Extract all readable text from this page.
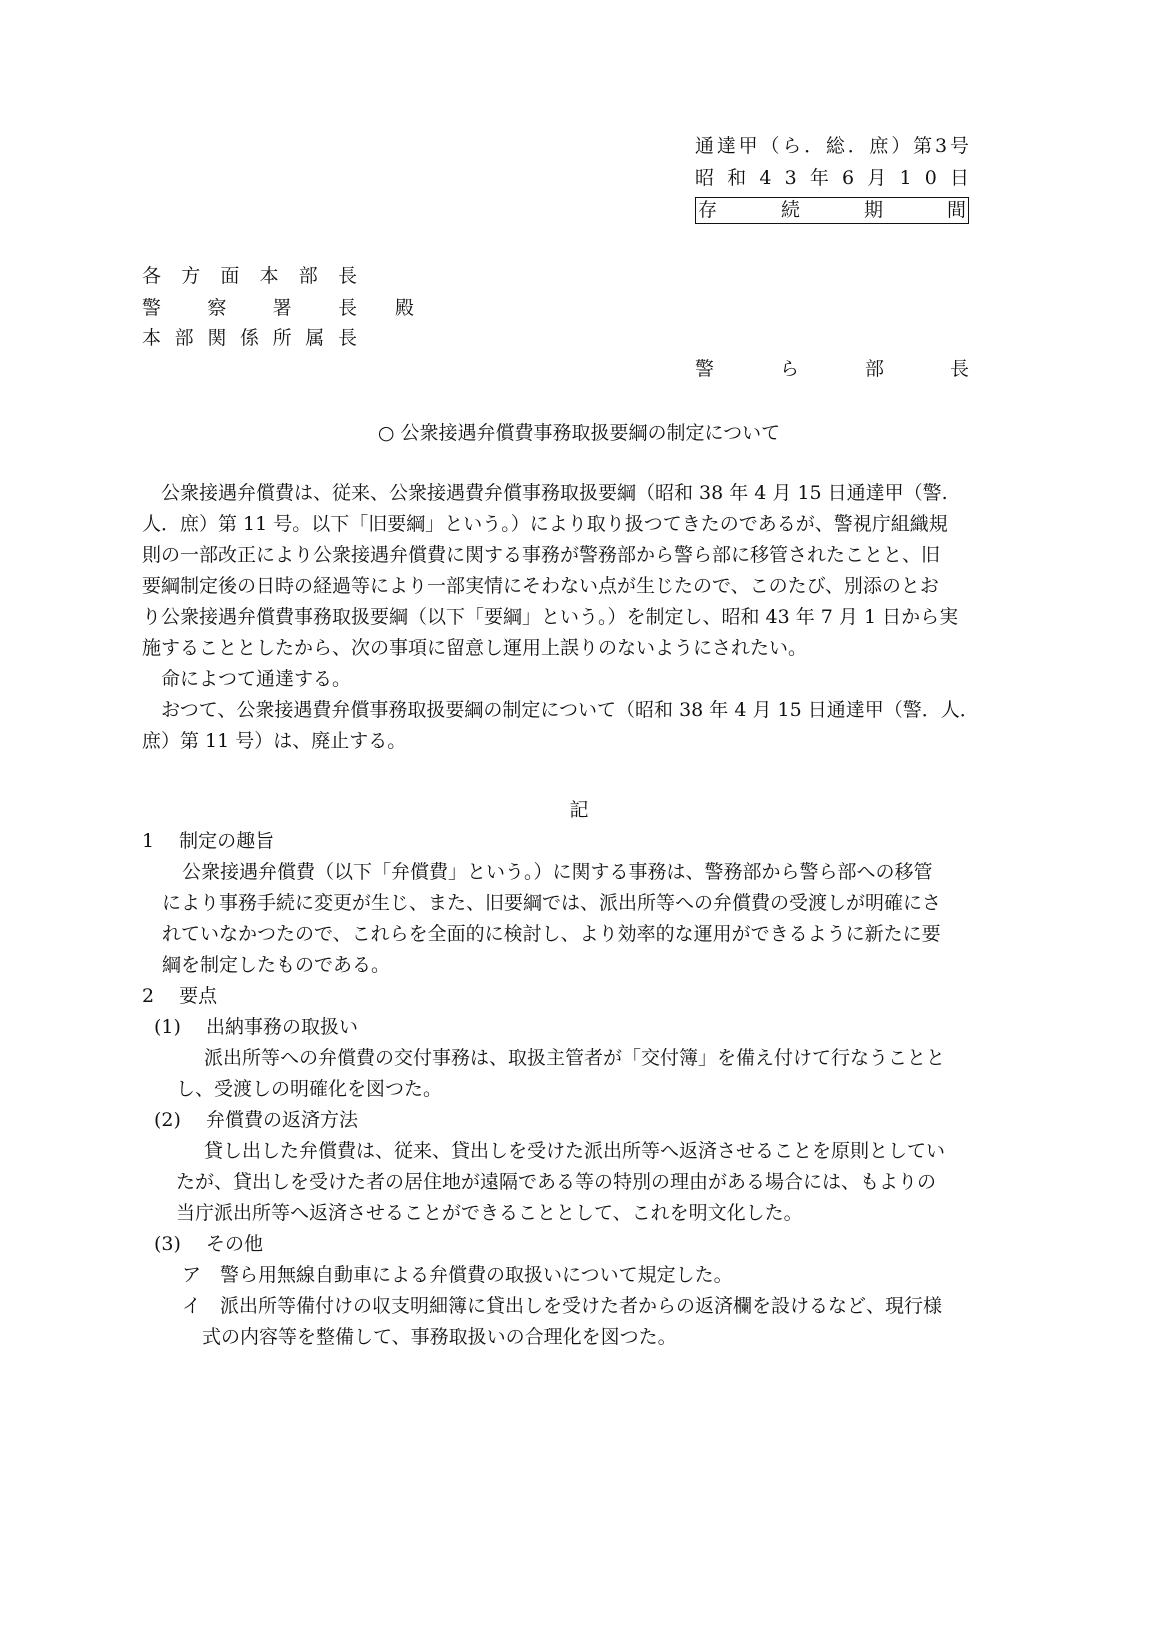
通 達 甲 （ ら ． 総 ． 庶 ） 第 3 号
昭 和 4 3 年 6 月 1 0 日
存	続	期	間
各 方 面 本 部 長
警 察 署 長 殿
本 部 関 係 所 属 長
警	ら	部	長
○ 公衆接遇弁償費事務取扱要綱の制定について
　公衆接遇弁償費は、従来、公衆接遇費弁償事務取扱要綱（昭和 38 年 4 月 15 日通達甲（警.
人．庶）第 11 号。以下「旧要綱」という。）により取り扱つてきたのであるが、警視庁組織規
則の一部改正により公衆接遇弁償費に関する事務が警務部から警ら部に移管されたことと、旧
要綱制定後の日時の経過等により一部実情にそわない点が生じたので、このたび、別添のとお
り公衆接遇弁償費事務取扱要綱（以下「要綱」という。）を制定し、昭和 43 年 7 月 1 日から実
施することとしたから、次の事項に留意し運用上誤りのないようにされたい。
　命によつて通達する。
　おつて、公衆接遇費弁償事務取扱要綱の制定について（昭和 38 年 4 月 15 日通達甲（警．人．
庶）第 11 号）は、廃止する。
記
1　 制定の趣旨
公衆接遇弁償費（以下「弁償費」という。）に関する事務は、警務部から警ら部への移管
により事務手続に変更が生じ、また、旧要綱では、派出所等への弁償費の受渡しが明確にさ
れていなかつたので、これらを全面的に検討し、より効率的な運用ができるように新たに要
綱を制定したものである。
2　 要点
(1)　 出納事務の取扱い
派出所等への弁償費の交付事務は、取扱主管者が「交付簿」を備え付けて行なうことと
し、受渡しの明確化を図つた。
(2)　 弁償費の返済方法
貸し出した弁償費は、従来、貸出しを受けた派出所等へ返済させることを原則としてい
たが、貸出しを受けた者の居住地が遠隔である等の特別の理由がある場合には、もよりの
当庁派出所等へ返済させることができることとして、これを明文化した。
(3)　 その他
ア　警ら用無線自動車による弁償費の取扱いについて規定した。
イ　派出所等備付けの収支明細簿に貸出しを受けた者からの返済欄を設けるなど、現行様
式の内容等を整備して、事務取扱いの合理化を図つた。
